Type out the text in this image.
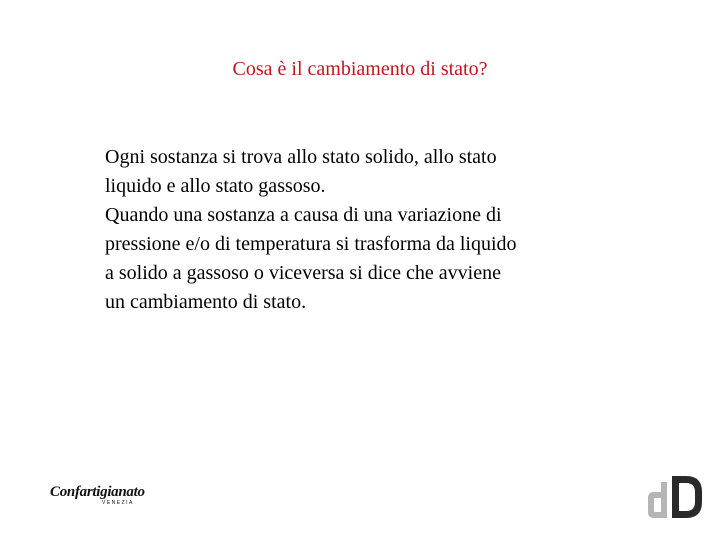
Cosa è il cambiamento di stato?
Ogni sostanza si trova allo stato solido, allo stato
liquido e allo stato gassoso.
Quando una sostanza a causa di una variazione di
pressione e/o di temperatura si trasforma da liquido
a solido a gassoso o viceversa si dice che avviene
un cambiamento di stato.
Confartigianato
VENEZIA
